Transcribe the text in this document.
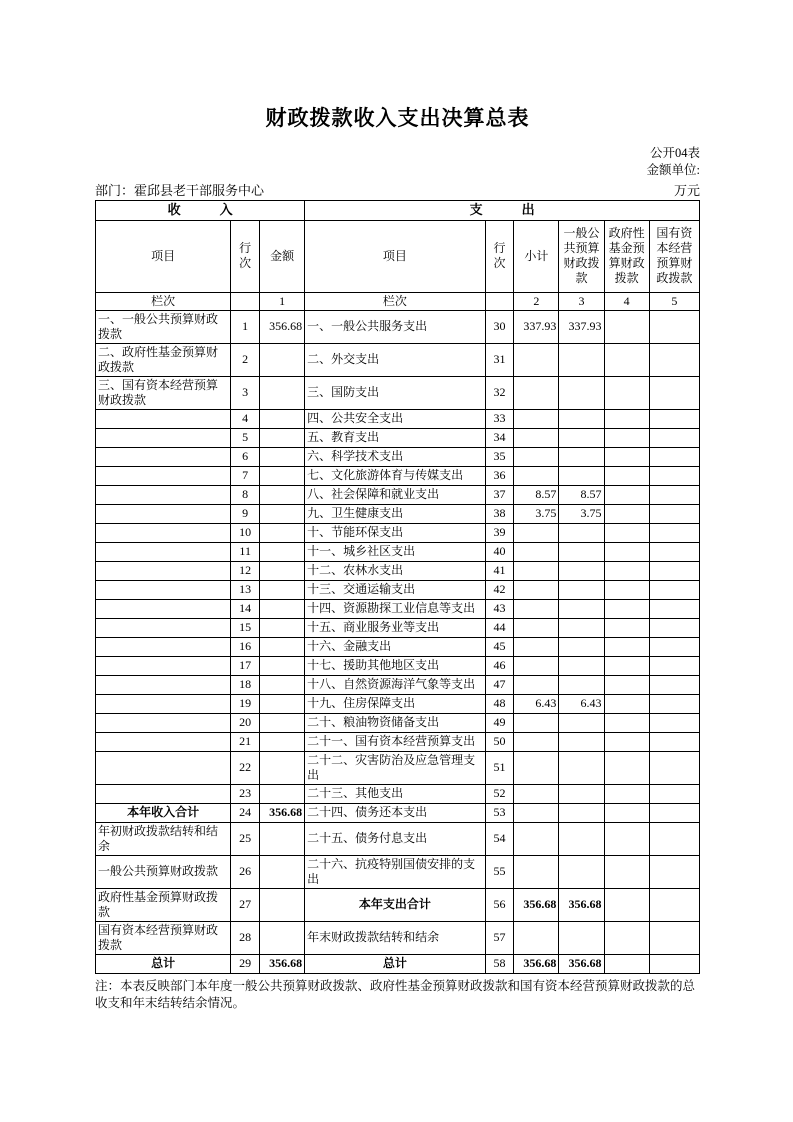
财政拨款收入支出决算总表
公开04表
金额单位:
部门：霍邱县老干部服务中心	万元
收　　　入			支　　　出					
项目	行次	金额	项目	行次	小计	一般公共预算财政拨款	政府性基金预算财政拨款	国有资本经营预算财政拨款
栏次		1	栏次		2	3	4	5
一、一般公共预算财政拨款	1	356.68	一、一般公共服务支出	30	337.93	337.93		
二、政府性基金预算财政拨款	2		二、外交支出	31				
三、国有资本经营预算财政拨款	3		三、国防支出	32				
	4		四、公共安全支出	33				
	5		五、教育支出	34				
	6		六、科学技术支出	35				
	7		七、文化旅游体育与传媒支出	36				
	8		八、社会保障和就业支出	37	8.57	8.57		
	9		九、卫生健康支出	38	3.75	3.75		
	10		十、节能环保支出	39				
	11		十一、城乡社区支出	40				
	12		十二、农林水支出	41				
	13		十三、交通运输支出	42				
	14		十四、资源勘探工业信息等支出	43				
	15		十五、商业服务业等支出	44				
	16		十六、金融支出	45				
	17		十七、援助其他地区支出	46				
	18		十八、自然资源海洋气象等支出	47				
	19		十九、住房保障支出	48	6.43	6.43		
	20		二十、粮油物资储备支出	49				
	21		二十一、国有资本经营预算支出	50				
	22		二十二、灾害防治及应急管理支出	51				
	23		二十三、其他支出	52				
本年收入合计	24	356.68	二十四、债务还本支出	53				
年初财政拨款结转和结余	25		二十五、债务付息支出	54				
一般公共预算财政拨款	26		二十六、抗疫特别国债安排的支出	55				
政府性基金预算财政拨款	27		本年支出合计	56	356.68	356.68		
国有资本经营预算财政拨款	28		年末财政拨款结转和结余	57				
总计	29	356.68	总计	58	356.68	356.68		
注：本表反映部门本年度一般公共预算财政拨款、政府性基金预算财政拨款和国有资本经营预算财政拨款的总收支和年末结转结余情况。
